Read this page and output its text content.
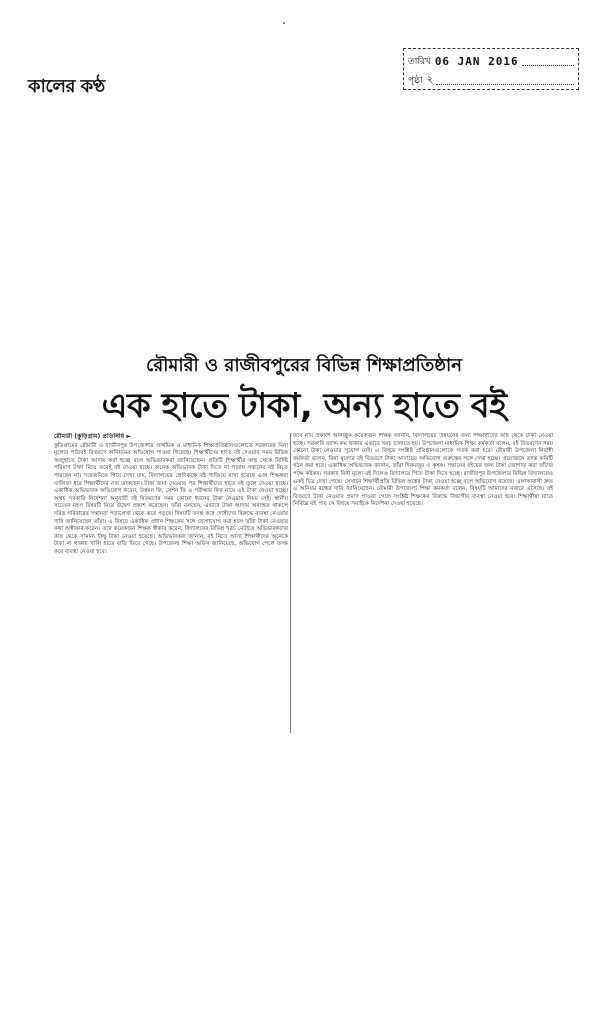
কালের কণ্ঠ
তারিখ 06 JAN 2016
পৃষ্ঠা ২
রৌমারী ও রাজীবপুরের বিভিন্ন শিক্ষাপ্রতিষ্ঠান
এক হাতে টাকা, অন্য হাতে বই

রৌমারী (কুড়িগ্রাম) প্রতিনিধি ►

কুড়িগ্রামের রৌমারী ও রাজীবপুর উপজেলার প্রাথমিক ও মাধ্যমিক শিক্ষাপ্রতিষ্ঠানগুলোতে সরকারের বিনা মূল্যের পাঠ্যবই বিতরণে অনিয়মের অভিযোগ পাওয়া গিয়েছে। শিক্ষার্থীদের হাতে বই দেওয়ার সময় বিভিন্ন অজুহাতে টাকা আদায় করা হচ্ছে বলে অভিভাবকরা জানিয়েছেন। প্রতিটি শিক্ষার্থীর কাছ থেকে নির্দিষ্ট পরিমাণ টাকা নিয়ে তবেই বই দেওয়া হচ্ছে। অনেক অভিভাবক টাকা দিতে না পারায় সন্তানের বই নিতে পারছেন না। সরেজমিনে গিয়ে দেখা যায়, বিদ্যালয়ের শ্রেণিকক্ষে বই সাজিয়ে রাখা হয়েছে এবং শিক্ষকরা তালিকা ধরে শিক্ষার্থীদের নাম ডাকছেন। টাকা জমা দেওয়ার পর শিক্ষার্থীদের হাতে বই তুলে দেওয়া হচ্ছে। একাধিক অভিভাবক অভিযোগ করেন, উন্নয়ন ফি, সেশন ফি ও পরীক্ষার ফির নামে এই টাকা নেওয়া হচ্ছে। অথচ সরকারি নির্দেশনা অনুযায়ী বই বিতরণের সময় কোনো ধরনের টাকা নেওয়ার নিয়ম নেই। স্থানীয় সচেতন মহল বিষয়টি নিয়ে উদ্বেগ প্রকাশ করেছেন। তাঁরা বলছেন, এভাবে টাকা আদায় অব্যাহত থাকলে দরিদ্র পরিবারের সন্তানরা পড়ালেখা থেকে ঝরে পড়বে। বিষয়টি তদন্ত করে দোষীদের বিরুদ্ধে ব্যবস্থা নেওয়ার দাবি জানিয়েছেন তাঁরা। এ বিষয়ে একাধিক প্রধান শিক্ষকের সঙ্গে যোগাযোগ করা হলে তাঁরা টাকা নেওয়ার কথা অস্বীকার করেন। তবে কয়েকজন শিক্ষক স্বীকার করেন, বিদ্যালয়ের বিভিন্ন খরচ মেটাতে অভিভাবকদের কাছ থেকে সামান্য কিছু টাকা নেওয়া হয়েছে। অভিভাবকরা জানান, বই নিতে আসা শিক্ষার্থীদের অনেকে টাকা না থাকায় খালি হাতে বাড়ি ফিরে গেছে। উপজেলা শিক্ষা অফিস জানিয়েছে, অভিযোগ পেলে তদন্ত করে ব্যবস্থা নেওয়া হবে।

তবে নাম প্রকাশে অনিচ্ছুক কয়েকজন শিক্ষক জানান, বিদ্যালয়ের উন্নয়নের জন্য শিক্ষার্থীদের কাছ থেকে টাকা নেওয়া হচ্ছে। সরকারি বরাদ্দ কম থাকায় এভাবে খরচ চালাতে হয়। উপজেলা মাধ্যমিক শিক্ষা কর্মকর্তা বলেন, বই বিতরণের সময় কোনো টাকা নেওয়ার সুযোগ নেই। এ বিষয়ে সংশ্লিষ্ট প্রতিষ্ঠানগুলোকে সতর্ক করা হবে। রৌমারী উপজেলা নির্বাহী কর্মকর্তা বলেন, বিনা মূল্যের বই বিতরণে টাকা আদায়ের অভিযোগ গুরুত্বের সঙ্গে দেখা হচ্ছে। প্রয়োজনে তদন্ত কমিটি গঠন করা হবে। একাধিক অভিভাবক জানান, তাঁরা দিনমজুর ও কৃষক। সন্তানের বইয়ের জন্য টাকা জোগাড় করা তাঁদের পক্ষে কষ্টকর। সরকার বিনা মূল্যে বই দিলেও বিদ্যালয়ে গিয়ে টাকা দিতে হচ্ছে। রাজীবপুর উপজেলার বিভিন্ন বিদ্যালয়েও একই চিত্র দেখা গেছে। সেখানে শিক্ষার্থীপ্রতি বিভিন্ন অঙ্কের টাকা নেওয়া হচ্ছে বলে অভিযোগ রয়েছে। এলাকাবাসী দ্রুত এ অনিয়ম বন্ধের দাবি জানিয়েছেন। রৌমারী উপজেলা শিক্ষা কর্মকর্তা বলেন, বিষয়টি আমাদের নজরে এসেছে। বই বিতরণে টাকা নেওয়ার প্রমাণ পাওয়া গেলে সংশ্লিষ্ট শিক্ষকের বিরুদ্ধে বিভাগীয় ব্যবস্থা নেওয়া হবে। শিক্ষার্থীরা যাতে নির্বিঘ্নে বই পায় সে বিষয়ে সবাইকে নির্দেশনা দেওয়া হয়েছে।
